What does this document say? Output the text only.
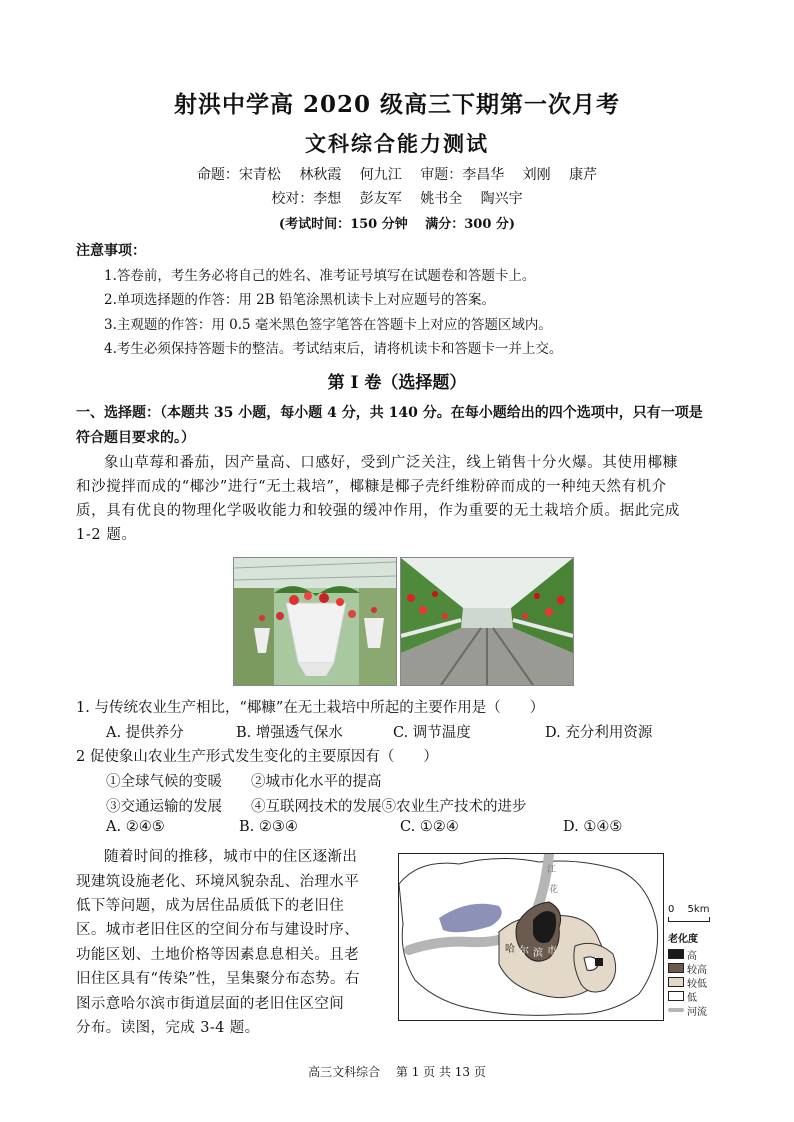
射洪中学高 2020 级高三下期第一次月考
文科综合能力测试
命题：宋青松　 林秋霞　 何九江　 审题：李昌华　 刘刚　 康芹
校对：李想　 彭友军　 姚书全　 陶兴宇
(考试时间：150 分钟　 满分：300 分)
注意事项：
1.答卷前，考生务必将自己的姓名、准考证号填写在试题卷和答题卡上。
2.单项选择题的作答：用 2B 铅笔涂黑机读卡上对应题号的答案。
3.主观题的作答：用 0.5 毫米黑色签字笔答在答题卡上对应的答题区域内。
4.考生必须保持答题卡的整洁。考试结束后，请将机读卡和答题卡一并上交。
第 I 卷（选择题）
一、选择题：（本题共 35 小题，每小题 4 分，共 140 分。在每小题给出的四个选项中，只有一项是
符合题目要求的。）
象山草莓和番茄，因产量高、口感好，受到广泛关注，线上销售十分火爆。其使用椰糠
和沙搅拌而成的“椰沙”进行“无土栽培”，椰糠是椰子壳纤维粉碎而成的一种纯天然有机介
质，具有优良的物理化学吸收能力和较强的缓冲作用，作为重要的无土栽培介质。据此完成
1-2 题。
1. 与传统农业生产相比，“椰糠”在无土栽培中所起的主要作用是（　　）
A. 提供养分	B. 增强透气保水	C. 调节温度	D. 充分利用资源
2 促使象山农业生产形式发生变化的主要原因有（　　）
①全球气候的变暖　　②城市化水平的提高
③交通运输的发展　　④互联网技术的发展⑤农业生产技术的进步
A. ②④⑤	B. ②③④	C. ①②④	D. ①④⑤
随着时间的推移，城市中的住区逐渐出
现建筑设施老化、环境风貌杂乱、治理水平
低下等问题，成为居住品质低下的老旧住
区。城市老旧住区的空间分布与建设时序、
功能区划、土地价格等因素息息相关。且老
旧住区具有“传染”性，呈集聚分布态势。右
图示意哈尔滨市街道层面的老旧住区空间
分布。读图，完成 3-4 题。
江
花
哈 尔 滨 市
0　 5km
老化度
高
较高
较低
低
河流
高三文科综合　 第 1 页 共 13 页
